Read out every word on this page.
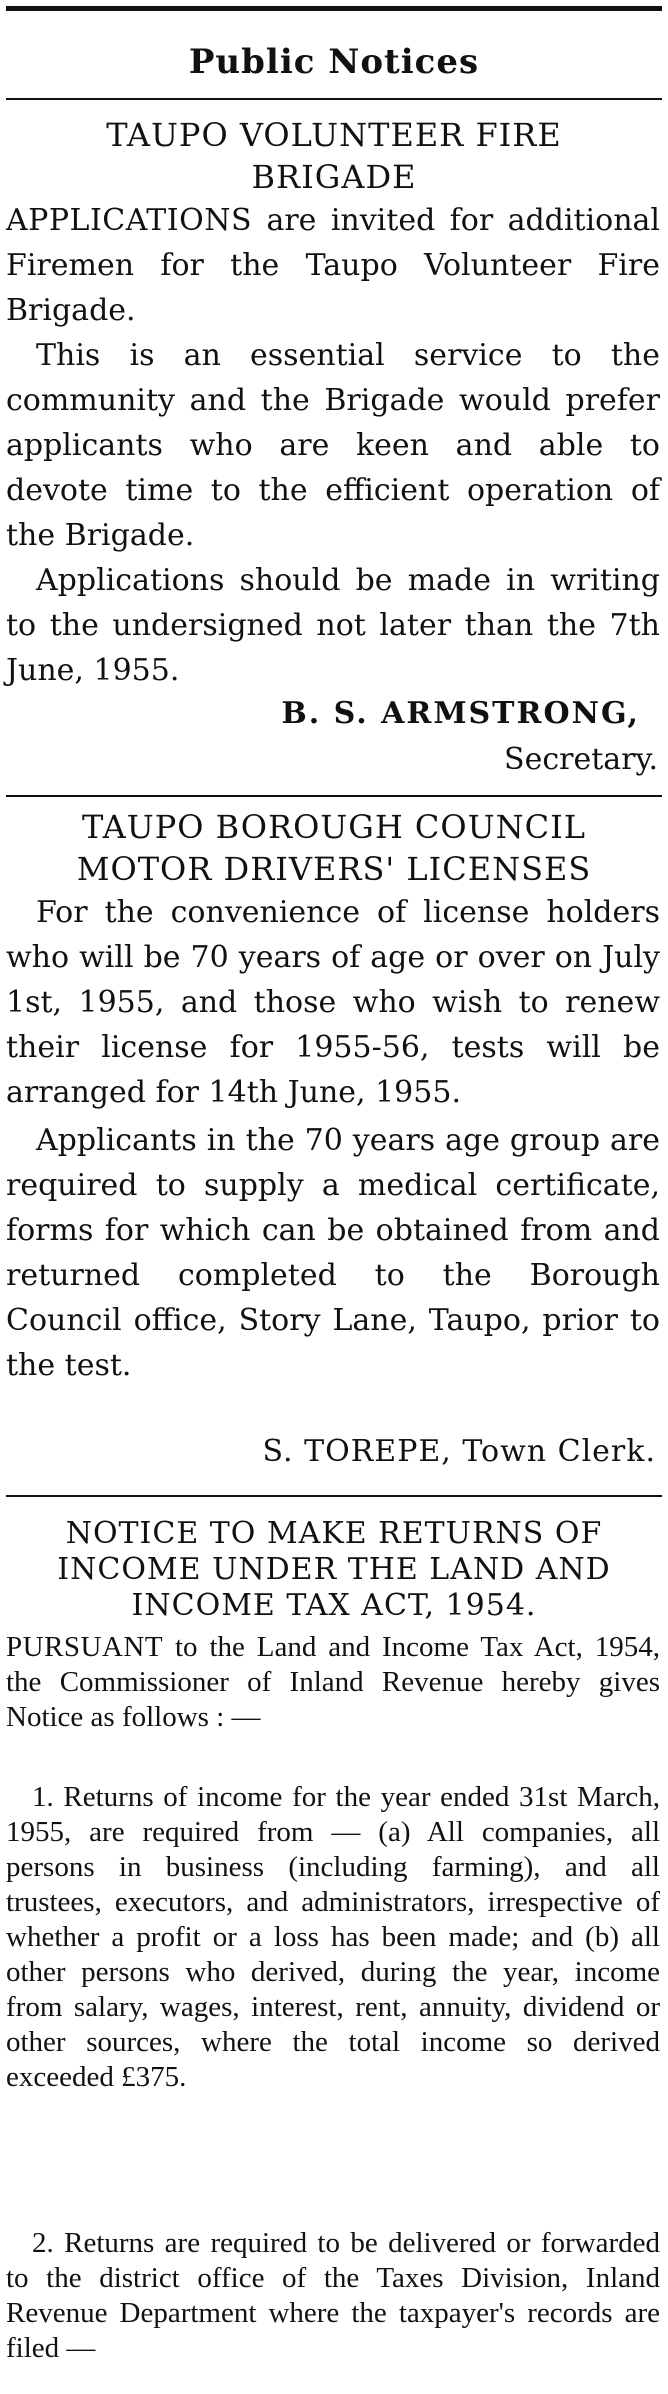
Public Notices
TAUPO VOLUNTEER FIRE
BRIGADE

APPLICATIONS are invited for additional Firemen for the Taupo Volunteer Fire Brigade.

This is an essential service to the community and the Brigade would prefer applicants who are keen and able to devote time to the efficient operation of the Brigade.

Applications should be made in writing to the undersigned not later than the 7th June, 1955.

B. S. ARMSTRONG,
Secretary.
TAUPO BOROUGH COUNCIL
MOTOR DRIVERS' LICENSES

For the convenience of license holders who will be 70 years of age or over on July 1st, 1955, and those who wish to renew their license for 1955-56, tests will be arranged for 14th June, 1955.

Applicants in the 70 years age group are required to supply a medical certificate, forms for which can be obtained from and returned completed to the Borough Council office, Story Lane, Taupo, prior to the test.

S. TOREPE, Town Clerk.
NOTICE TO MAKE RETURNS OF
INCOME UNDER THE LAND AND
INCOME TAX ACT, 1954.

PURSUANT to the Land and Income Tax Act, 1954, the Commissioner of Inland Revenue hereby gives Notice as follows : —

1. Returns of income for the year ended 31st March, 1955, are required from — (a) All companies, all persons in business (including farming), and all trustees, executors, and administrators, irrespective of whether a profit or a loss has been made; and (b) all other persons who derived, during the year, income from salary, wages, interest, rent, annuity, dividend or other sources, where the total income so derived exceeded £375.

2. Returns are required to be delivered or forwarded to the district office of the Taxes Division, Inland Revenue Department where the taxpayer's records are filed —
